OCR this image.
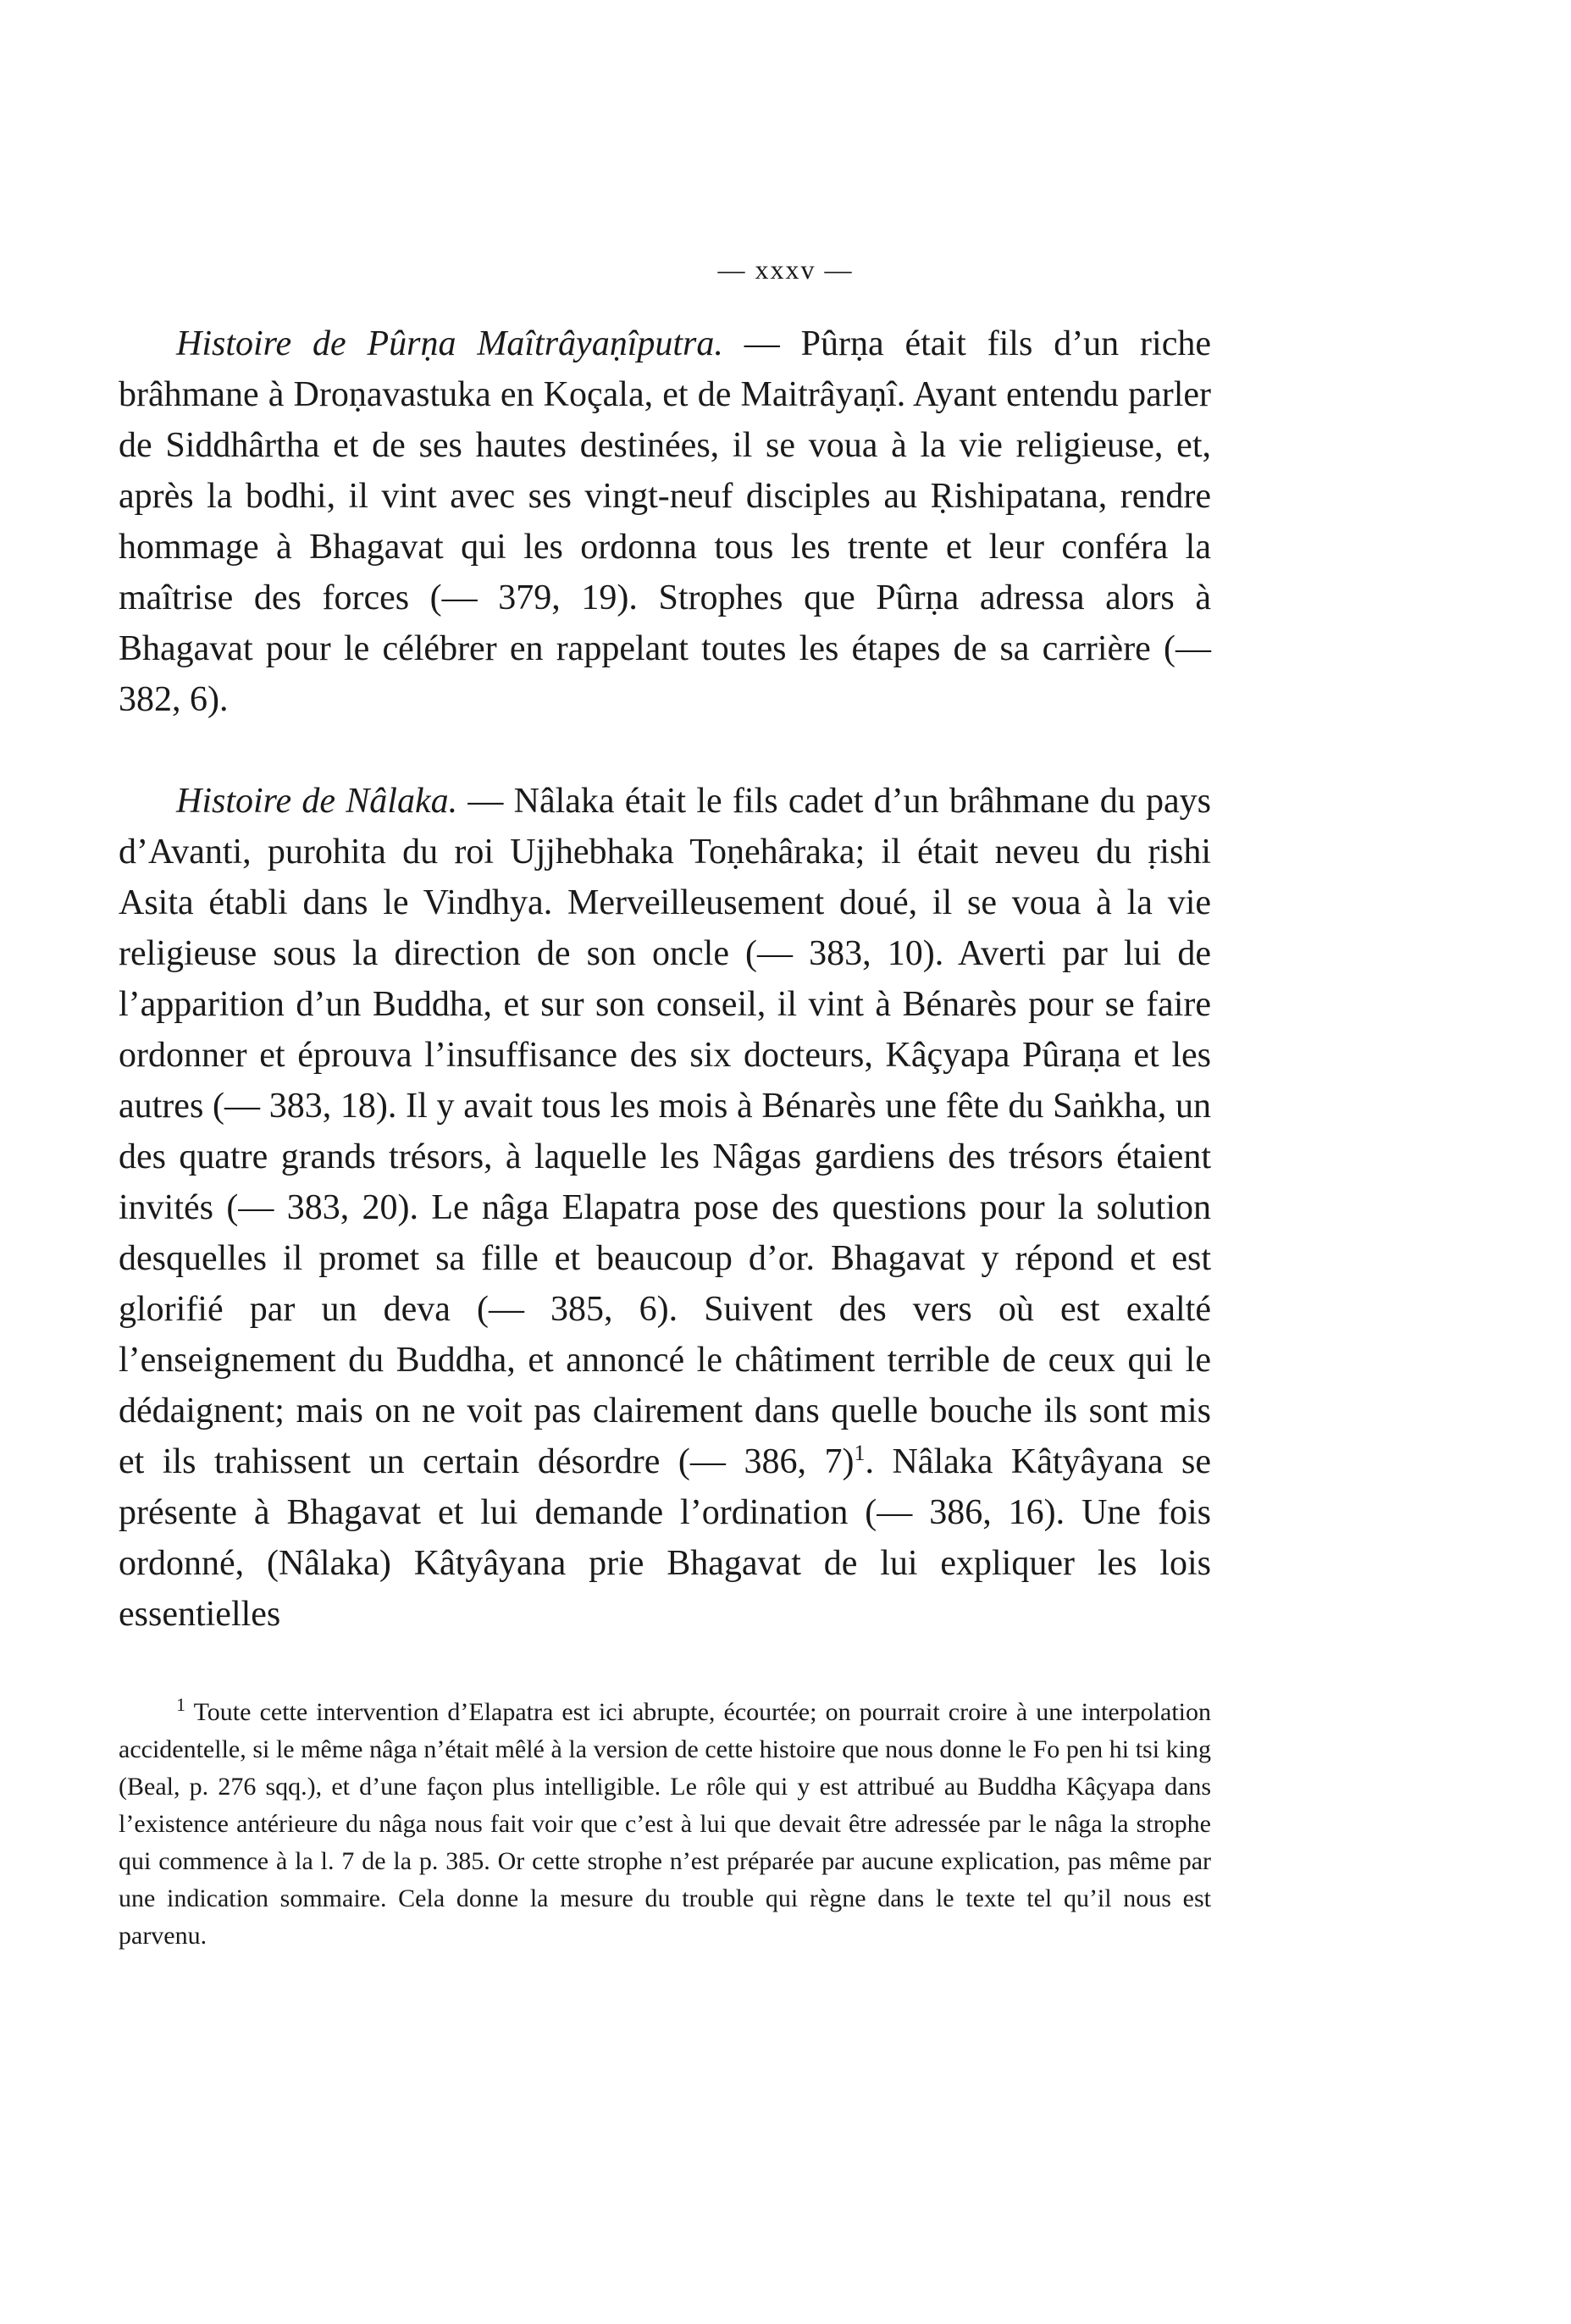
— xxxv —

Histoire de Pûrṇa Maîtrâyaṇîputra. — Pûrṇa était fils d’un riche brâhmane à Droṇavastuka en Koçala, et de Maitrâyaṇî. Ayant entendu parler de Siddhârtha et de ses hautes destinées, il se voua à la vie religieuse, et, après la bodhi, il vint avec ses vingt-neuf disciples au Ṛishipatana, rendre hommage à Bhagavat qui les ordonna tous les trente et leur conféra la maîtrise des forces (— 379, 19). Strophes que Pûrṇa adressa alors à Bhagavat pour le célébrer en rappelant toutes les étapes de sa carrière (— 382, 6).

Histoire de Nâlaka. — Nâlaka était le fils cadet d’un brâhmane du pays d’Avanti, purohita du roi Ujjhebhaka Toṇehâraka; il était neveu du ṛishi Asita établi dans le Vindhya. Merveilleusement doué, il se voua à la vie religieuse sous la direction de son oncle (— 383, 10). Averti par lui de l’apparition d’un Buddha, et sur son conseil, il vint à Bénarès pour se faire ordonner et éprouva l’insuffisance des six docteurs, Kâçyapa Pûraṇa et les autres (— 383, 18). Il y avait tous les mois à Bénarès une fête du Saṅkha, un des quatre grands trésors, à laquelle les Nâgas gardiens des trésors étaient invités (— 383, 20). Le nâga Elapatra pose des questions pour la solution desquelles il promet sa fille et beaucoup d’or. Bhagavat y répond et est glorifié par un deva (— 385, 6). Suivent des vers où est exalté l’enseignement du Buddha, et annoncé le châtiment terrible de ceux qui le dédaignent; mais on ne voit pas clairement dans quelle bouche ils sont mis et ils trahissent un certain désordre (— 386, 7)$^1$. Nâlaka Kâtyâyana se présente à Bhagavat et lui demande l’ordination (— 386, 16). Une fois ordonné, (Nâlaka) Kâtyâyana prie Bhagavat de lui expliquer les lois essentielles

$^1$ Toute cette intervention d’Elapatra est ici abrupte, écourtée; on pourrait croire à une interpolation accidentelle, si le même nâga n’était mêlé à la version de cette histoire que nous donne le Fo pen hi tsi king (Beal, p. 276 sqq.), et d’une façon plus intelligible. Le rôle qui y est attribué au Buddha Kâçyapa dans l’existence antérieure du nâga nous fait voir que c’est à lui que devait être adressée par le nâga la strophe qui commence à la l. 7 de la p. 385. Or cette strophe n’est préparée par aucune explication, pas même par une indication sommaire. Cela donne la mesure du trouble qui règne dans le texte tel qu’il nous est parvenu.
